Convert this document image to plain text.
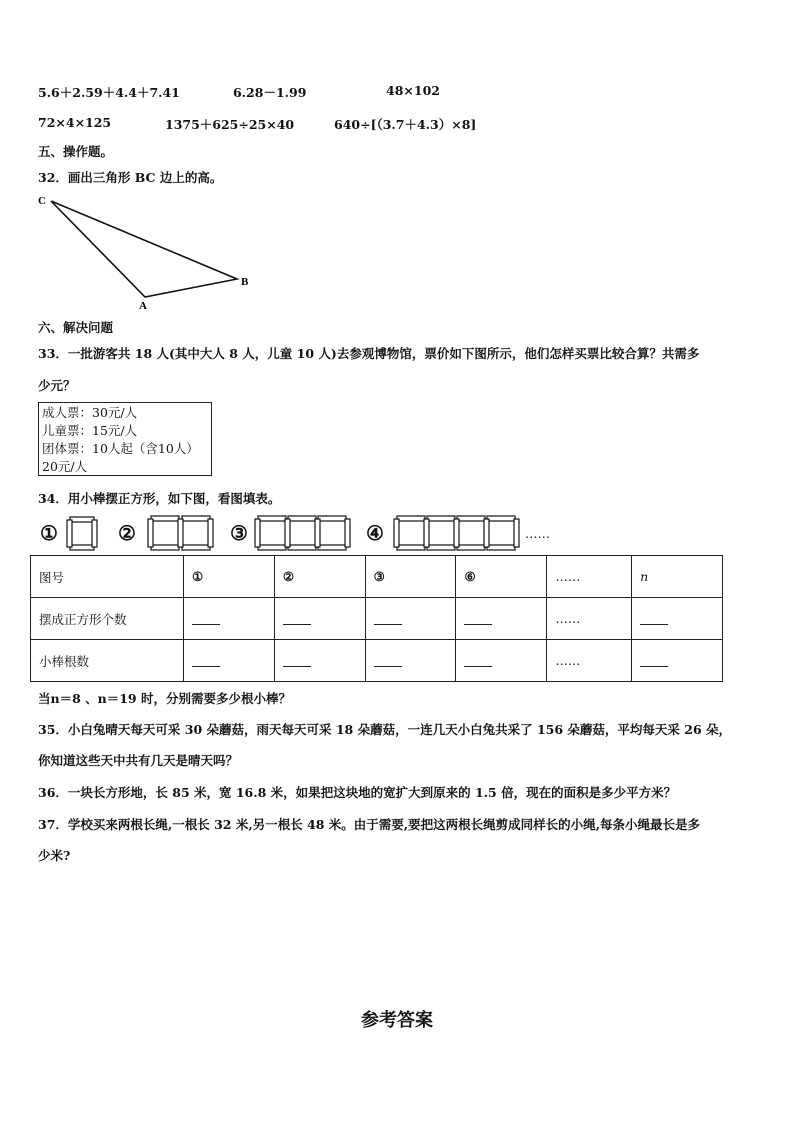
5.6＋2.59＋4.4＋7.41	6.28－1.99	48×102
72×4×125	1375＋625÷25×40	640÷[（3.7＋4.3）×8]
五、操作题。
32．画出三角形 BC 边上的高。
C
B
A
六、解决问题
33．一批游客共 18 人(其中大人 8 人，儿童 10 人)去参观博物馆，票价如下图所示，他们怎样买票比较合算？共需多
少元？
成人票：30元/人
儿童票：15元/人
团体票：10人起（含10人）
20元/人
34．用小棒摆正方形，如下图，看图填表。
①	②	③	④	……
图号	①	②	③	⑥	……	n
摆成正方形个数					……	
小棒根数					……	
当n＝8 、n＝19 时，分别需要多少根小棒？
35．小白兔晴天每天可采 30 朵蘑菇，雨天每天可采 18 朵蘑菇，一连几天小白兔共采了 156 朵蘑菇，平均每天采 26 朵，
你知道这些天中共有几天是晴天吗？
36．一块长方形地，长 85 米，宽 16.8 米，如果把这块地的宽扩大到原来的 1.5 倍，现在的面积是多少平方米？
37．学校买来两根长绳,一根长 32 米,另一根长 48 米。由于需要,要把这两根长绳剪成同样长的小绳,每条小绳最长是多
少米?
参考答案
